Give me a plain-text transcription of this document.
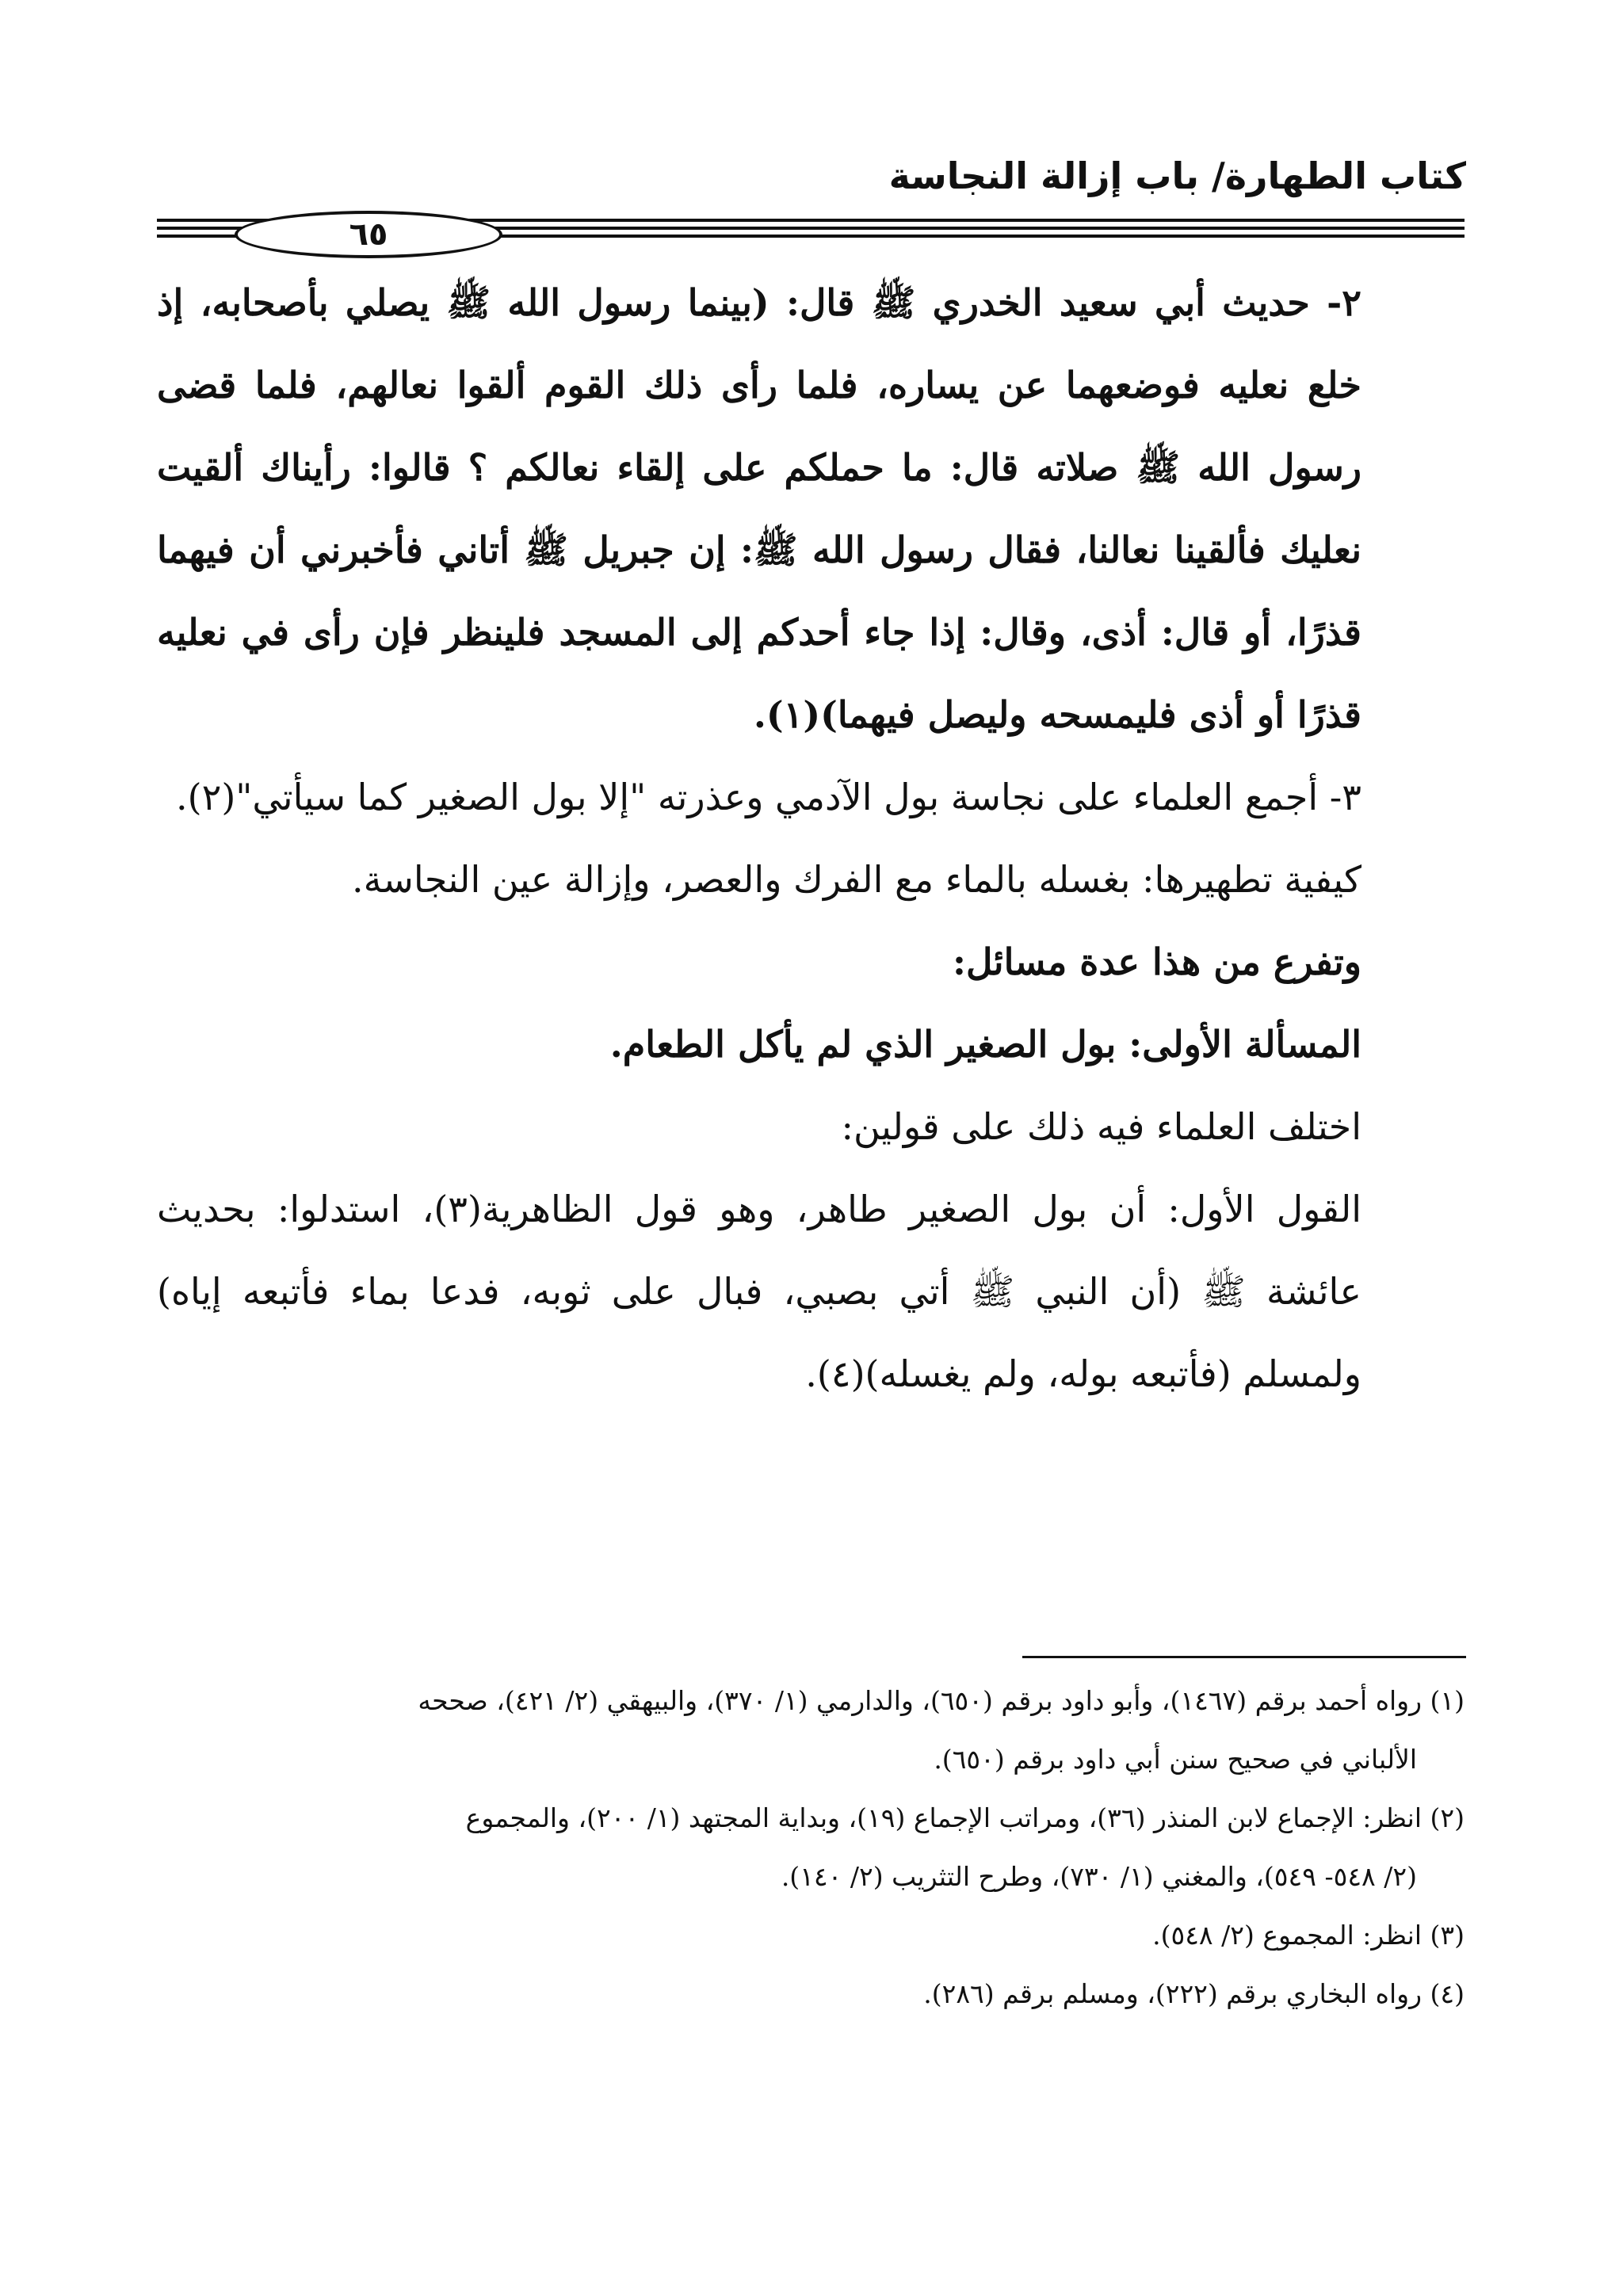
كتاب الطهارة/ باب إزالة النجاسة
٦٥

٢- حديث أبي سعيد الخدري ﷺ قال: (بينما رسول الله ﷺ يصلي بأصحابه، إذ خلع نعليه فوضعهما عن يساره، فلما رأى ذلك القوم ألقوا نعالهم، فلما قضى رسول الله ﷺ صلاته قال: ما حملكم على إلقاء نعالكم ؟ قالوا: رأيناك ألقيت نعليك فألقينا نعالنا، فقال رسول الله ﷺ: إن جبريل ﷺ أتاني فأخبرني أن فيهما قذرًا، أو قال: أذى، وقال: إذا جاء أحدكم إلى المسجد فلينظر فإن رأى في نعليه قذرًا أو أذى فليمسحه وليصل فيهما)(١).

٣- أجمع العلماء على نجاسة بول الآدمي وعذرته "إلا بول الصغير كما سيأتي"(٢).

كيفية تطهيرها: بغسله بالماء مع الفرك والعصر، وإزالة عين النجاسة.

وتفرع من هذا عدة مسائل:

المسألة الأولى: بول الصغير الذي لم يأكل الطعام.

اختلف العلماء فيه ذلك على قولين:

القول الأول: أن بول الصغير طاهر، وهو قول الظاهرية(٣)، استدلوا: بحديث عائشة ﷺ (أن النبي ﷺ أتي بصبي، فبال على ثوبه، فدعا بماء فأتبعه إياه) ولمسلم (فأتبعه بوله، ولم يغسله)(٤).

(١) رواه أحمد برقم (١٤٦٧)، وأبو داود برقم (٦٥٠)، والدارمي (١/ ٣٧٠)، والبيهقي (٢/ ٤٢١)، صححه

الألباني في صحيح سنن أبي داود برقم (٦٥٠).

(٢) انظر: الإجماع لابن المنذر (٣٦)، ومراتب الإجماع (١٩)، وبداية المجتهد (١/ ٢٠٠)، والمجموع

(٢/ ٥٤٨- ٥٤٩)، والمغني (١/ ٧٣٠)، وطرح التثريب (٢/ ١٤٠).

(٣) انظر: المجموع (٢/ ٥٤٨).

(٤) رواه البخاري برقم (٢٢٢)، ومسلم برقم (٢٨٦).
